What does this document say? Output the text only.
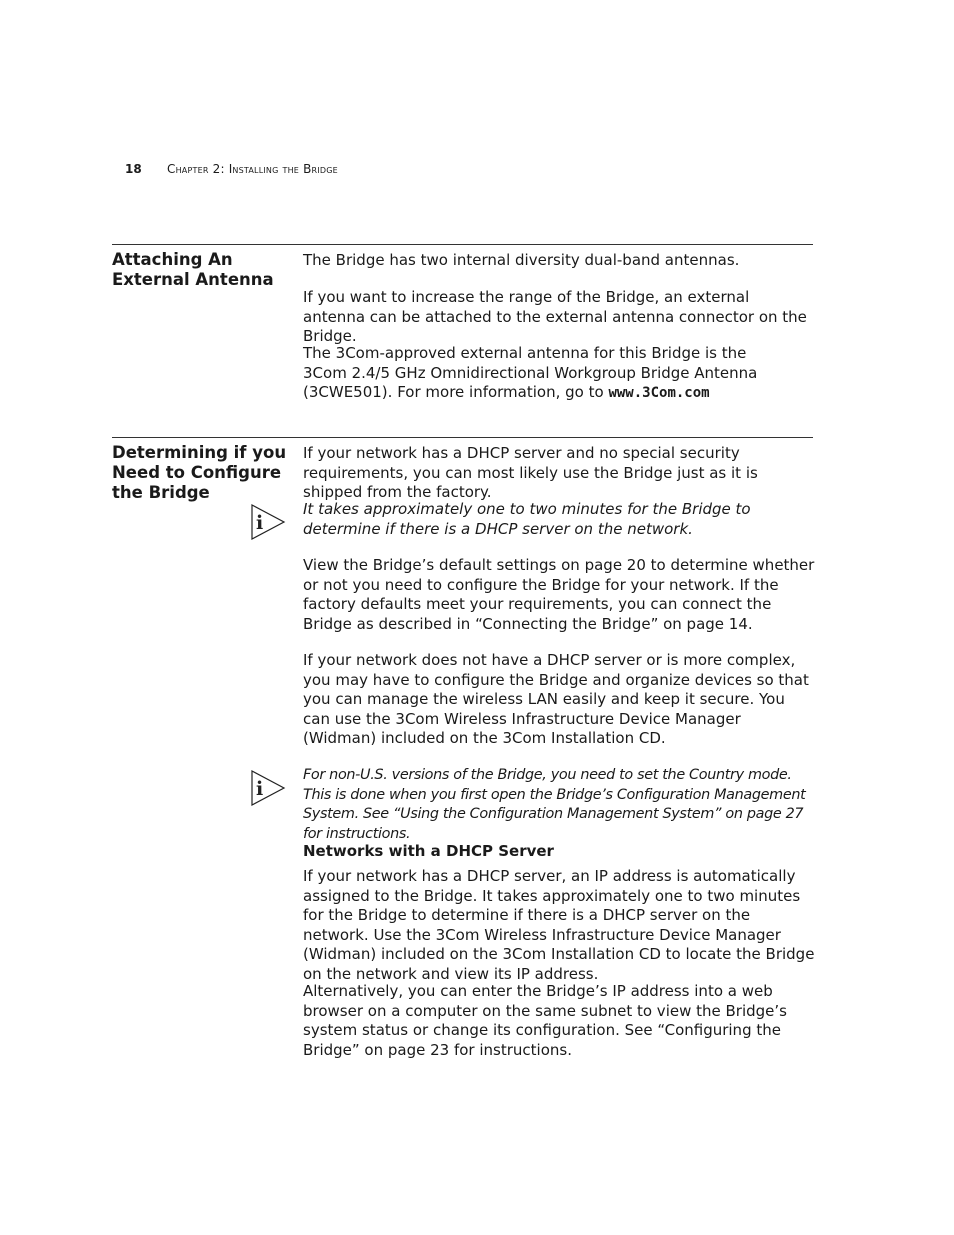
18 Chapter 2: Installing the Bridge
Attaching An
External Antenna

The Bridge has two internal diversity dual-band antennas.

If you want to increase the range of the Bridge, an external antenna can be attached to the external antenna connector on the Bridge.

The 3Com-approved external antenna for this Bridge is the
3Com 2.4/5 GHz Omnidirectional Workgroup Bridge Antenna
(3CWE501). For more information, go to www.3Com.com
Determining if you
Need to Configure
the Bridge

If your network has a DHCP server and no special security requirements, you can most likely use the Bridge just as it is shipped from the factory.

i

It takes approximately one to two minutes for the Bridge to determine if there is a DHCP server on the network.

View the Bridge’s default settings on page 20 to determine whether or not you need to configure the Bridge for your network. If the factory defaults meet your requirements, you can connect the Bridge as described in “Connecting the Bridge” on page 14.

If your network does not have a DHCP server or is more complex, you may have to configure the Bridge and organize devices so that you can manage the wireless LAN easily and keep it secure. You can use the 3Com Wireless Infrastructure Device Manager (Widman) included on the 3Com Installation CD.

i

For non-U.S. versions of the Bridge, you need to set the Country mode. This is done when you first open the Bridge’s Configuration Management System. See “Using the Configuration Management System” on page 27 for instructions.

Networks with a DHCP Server

If your network has a DHCP server, an IP address is automatically assigned to the Bridge. It takes approximately one to two minutes for the Bridge to determine if there is a DHCP server on the network. Use the 3Com Wireless Infrastructure Device Manager (Widman) included on the 3Com Installation CD to locate the Bridge on the network and view its IP address.

Alternatively, you can enter the Bridge’s IP address into a web browser on a computer on the same subnet to view the Bridge’s system status or change its configuration. See “Configuring the Bridge” on page 23 for instructions.
